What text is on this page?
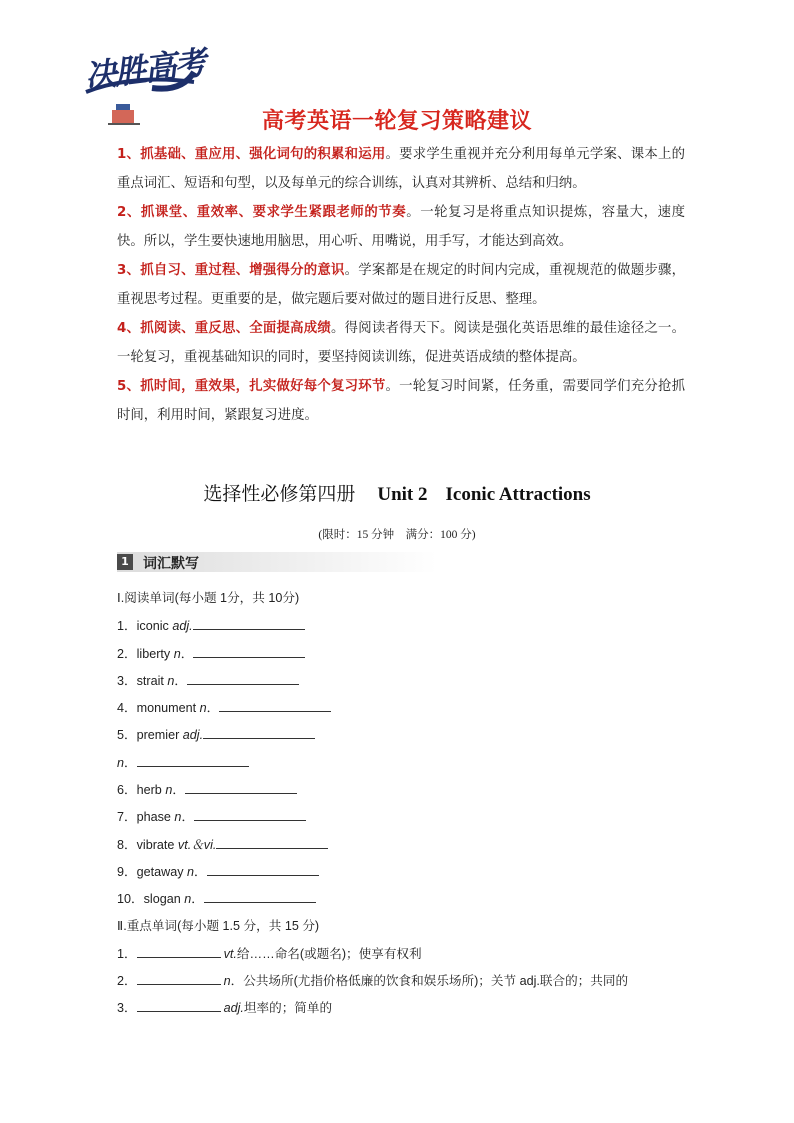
决胜高考
高考英语一轮复习策略建议

1、抓基础、重应用、强化词句的积累和运用。要求学生重视并充分利用每单元学案、课本上的重点词汇、短语和句型，以及每单元的综合训练，认真对其辨析、总结和归纳。

2、抓课堂、重效率、要求学生紧跟老师的节奏。一轮复习是将重点知识提炼，容量大，速度快。所以，学生要快速地用脑思，用心听、用嘴说，用手写，才能达到高效。

3、抓自习、重过程、增强得分的意识。学案都是在规定的时间内完成，重视规范的做题步骤，重视思考过程。更重要的是，做完题后要对做过的题目进行反思、整理。

4、抓阅读、重反思、全面提高成绩。得阅读者得天下。阅读是强化英语思维的最佳途径之一。一轮复习，重视基础知识的同时，要坚持阅读训练，促进英语成绩的整体提高。

5、抓时间，重效果，扎实做好每个复习环节。一轮复习时间紧，任务重，需要同学们充分抢抓时间，利用时间，紧跟复习进度。

选择性必修第四册 Unit 2 Iconic Attractions
(限时：15 分钟　满分：100 分)
1 词汇默写
Ⅰ.阅读单词(每小题 1分，共 10分)
1．iconic adj.
2．liberty n．
3．strait n．
4．monument n．
5．premier adj.
n．
6．herb n．
7．phase n．
8．vibrate vt.＆vi.
9．getaway n．
10．slogan n．
Ⅱ.重点单词(每小题 1.5 分，共 15 分)
1．	vt.给……命名(或题名)；使享有权利
2．	n．公共场所(尤指价格低廉的饮食和娱乐场所)；关节 adj.联合的；共同的
3．	adj.坦率的；简单的
